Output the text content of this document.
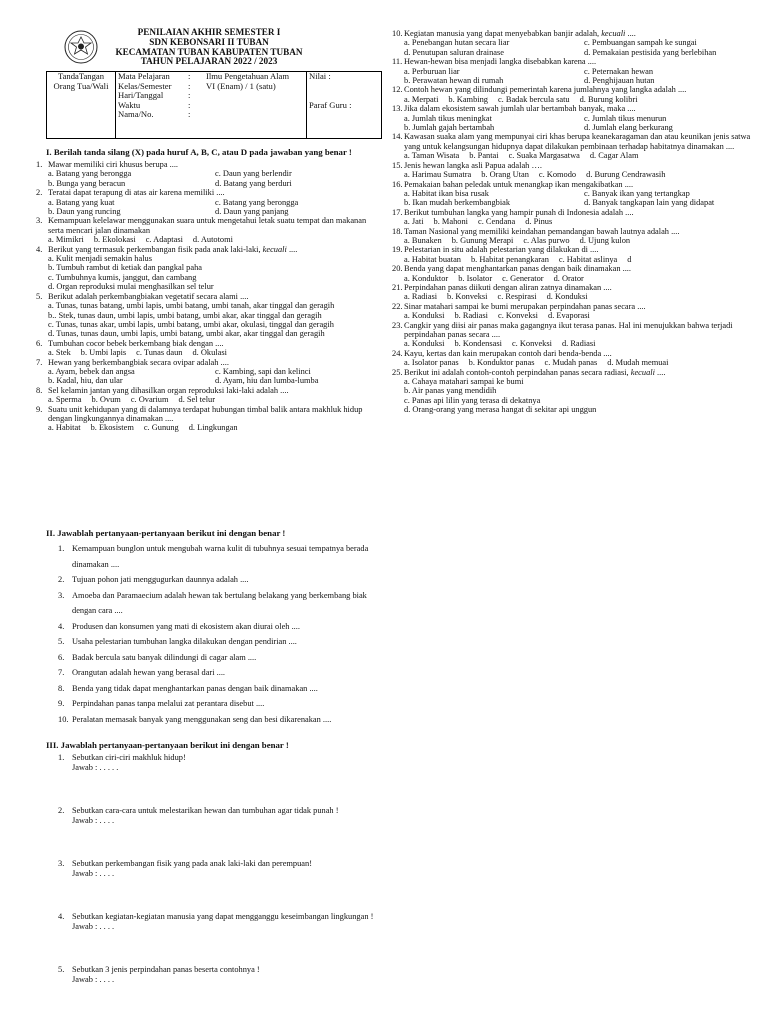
PENILAIAN AKHIR SEMESTER I
SDN KEBONSARI II TUBAN
KECAMATAN TUBAN KABUPATEN TUBAN
TAHUN PELAJARAN 2022 / 2023
TandaTangan Orang Tua/Wali	
Mata Pelajaran	:	Ilmu Pengetahuan Alam
Kelas/Semester	:	VI (Enam) / 1 (satu)
Hari/Tanggal	:
Waktu	:
Nama/No.	:

Nilai :
Paraf Guru :
I. Berilah tanda silang (X) pada huruf A, B, C, atau D pada jawaban yang benar !
1. Mawar memiliki ciri khusus berupa ....
a. Batang yang berongga	c. Daun yang berlendir
b. Bunga yang beracun	d. Batang yang berduri
2. Teratai dapat terapung di atas air karena memiliki ....
a. Batang yang kuat	c. Batang yang berongga
b. Daun yang runcing	d. Daun yang panjang
3. Kemampuan kelelawar menggunakan suara untuk mengetahui letak suatu tempat dan makanan serta mencari jalan dinamakan
a. Mimikri b. Ekolokasi c. Adaptasi d. Autotomi
4. Berikut yang termasuk perkembangan fisik pada anak laki-laki, kecuali ....
a. Kulit menjadi semakin halus
b. Tumbuh rambut di ketiak dan pangkal paha
c. Tumbuhnya kumis, janggut, dan cambang
d. Organ reproduksi mulai menghasilkan sel telur
5. Berikut adalah perkembangbiakan vegetatif secara alami ....
a. Tunas, tunas batang, umbi lapis, umbi batang, umbi tanah, akar tinggal dan geragih
b.. Stek, tunas daun, umbi lapis, umbi batang, umbi akar, akar tinggal dan geragih
c. Tunas, tunas akar, umbi lapis, umbi batang, umbi akar, okulasi, tinggal dan geragih
d. Tunas, tunas daun, umbi lapis, umbi batang, umbi akar, akar tinggal dan geragih
6. Tumbuhan cocor bebek berkembang biak dengan ....
a. Stek b. Umbi lapis c. Tunas daun d. Okulasi
7. Hewan yang berkembangbiak secara ovipar adalah ....
a. Ayam, bebek dan angsa	c. Kambing, sapi dan kelinci
b. Kadal, hiu, dan ular	d. Ayam, hiu dan lumba-lumba
8. Sel kelamin jantan yang dihasilkan organ reproduksi laki-laki adalah ....
a. Sperma b. Ovum c. Ovarium d. Sel telur
9. Suatu unit kehidupan yang di dalamnya terdapat hubungan timbal balik antara makhluk hidup dengan lingkungannya dinamakan ....
a. Habitat b. Ekosistem c. Gunung d. Lingkungan
10. Kegiatan manusia yang dapat menyebabkan banjir adalah, kecuali ....
a. Penebangan hutan secara liar	c. Pembuangan sampah ke sungai
d. Penutupan saluran drainase	d. Pemakaian pestisida yang berlebihan
11. Hewan-hewan bisa menjadi langka disebabkan karena ....
a. Perburuan liar	c. Peternakan hewan
b. Perawatan hewan di rumah	d. Penghijauan hutan
12. Contoh hewan yang dilindungi pemerintah karena jumlahnya yang langka adalah ....
a. Merpati b. Kambing c. Badak bercula satu d. Burung kolibri
13. Jika dalam ekosistem sawah jumlah ular bertambah banyak, maka ....
a. Jumlah tikus meningkat	c. Jumlah tikus menurun
b. Jumlah gajah bertambah	d. Jumlah elang berkurang
14. Kawasan suaka alam yang mempunyai ciri khas berupa keanekaragaman dan atau keunikan jenis satwa yang untuk kelangsungan hidupnya dapat dilakukan pembinaan terhadap habitatnya dinamakan ....
a. Taman Wisata b. Pantai c. Suaka Margasatwa d. Cagar Alam
15. Jenis hewan langka asli Papua adalah ….
a. Harimau Sumatra b. Orang Utan c. Komodo d. Burung Cendrawasih
16. Pemakaian bahan peledak untuk menangkap ikan mengakibatkan ....
a. Habitat ikan bisa rusak	c. Banyak ikan yang tertangkap
b. Ikan mudah berkembangbiak	d. Banyak tangkapan lain yang didapat
17. Berikut tumbuhan langka yang hampir punah di Indonesia adalah ....
a. Jati b. Mahoni c. Cendana d. Pinus
18. Taman Nasional yang memiliki keindahan pemandangan bawah lautnya adalah ....
a. Bunaken b. Gunung Merapi c. Alas purwo d. Ujung kulon
19. Pelestarian in situ adalah pelestarian yang dilakukan di ....
a. Habitat buatan b. Habitat penangkaran c. Habitat aslinya d
20. Benda yang dapat menghantarkan panas dengan baik dinamakan ....
a. Konduktor b. Isolator c. Generator d. Orator
21. Perpindahan panas diikuti dengan aliran zatnya dinamakan ....
a. Radiasi b. Konveksi c. Respirasi d. Konduksi
22. Sinar matahari sampai ke bumi merupakan perpindahan panas secara ....
a. Konduksi b. Radiasi c. Konveksi d. Evaporasi
23. Cangkir yang diisi air panas maka gagangnya ikut terasa panas. Hal ini menujukkan bahwa terjadi perpindahan panas secara ....
a. Konduksi b. Kondensasi c. Konveksi d. Radiasi
24. Kayu, kertas dan kain merupakan contoh dari benda-benda ....
a. Isolator panas b. Konduktor panas c. Mudah panas d. Mudah memuai
25. Berikut ini adalah contoh-contoh perpindahan panas secara radiasi, kecuali ....
a. Cahaya matahari sampai ke bumi
b. Air panas yang mendidih
c. Panas api lilin yang terasa di dekatnya
d. Orang-orang yang merasa hangat di sekitar api unggun
II. Jawablah pertanyaan-pertanyaan berikut ini dengan benar !
1. Kemampuan bunglon untuk mengubah warna kulit di tubuhnya sesuai tempatnya berada dinamakan ....
2. Tujuan pohon jati menggugurkan daunnya adalah ....
3. Amoeba dan Paramaecium adalah hewan tak bertulang belakang yang berkembang biak dengan cara ....
4. Produsen dan konsumen yang mati di ekosistem akan diurai oleh ....
5. Usaha pelestarian tumbuhan langka dilakukan dengan pendirian ....
6. Badak bercula satu banyak dilindungi di cagar alam ....
7. Orangutan adalah hewan yang berasal dari ....
8. Benda yang tidak dapat menghantarkan panas dengan baik dinamakan ....
9. Perpindahan panas tanpa melalui zat perantara disebut ....
10. Peralatan memasak banyak yang menggunakan seng dan besi dikarenakan ....
III. Jawablah pertanyaan-pertanyaan berikut ini dengan benar !
1. Sebutkan ciri-ciri makhluk hidup!
Jawab : . . . . .
2. Sebutkan cara-cara untuk melestarikan hewan dan tumbuhan agar tidak punah !
Jawab : . . . .
3. Sebutkan perkembangan fisik yang pada anak laki-laki dan perempuan!
Jawab : . . . .
4. Sebutkan kegiatan-kegiatan manusia yang dapat mengganggu keseimbangan lingkungan !
Jawab : . . . .
5. Sebutkan 3 jenis perpindahan panas beserta contohnya !
Jawab : . . . .
